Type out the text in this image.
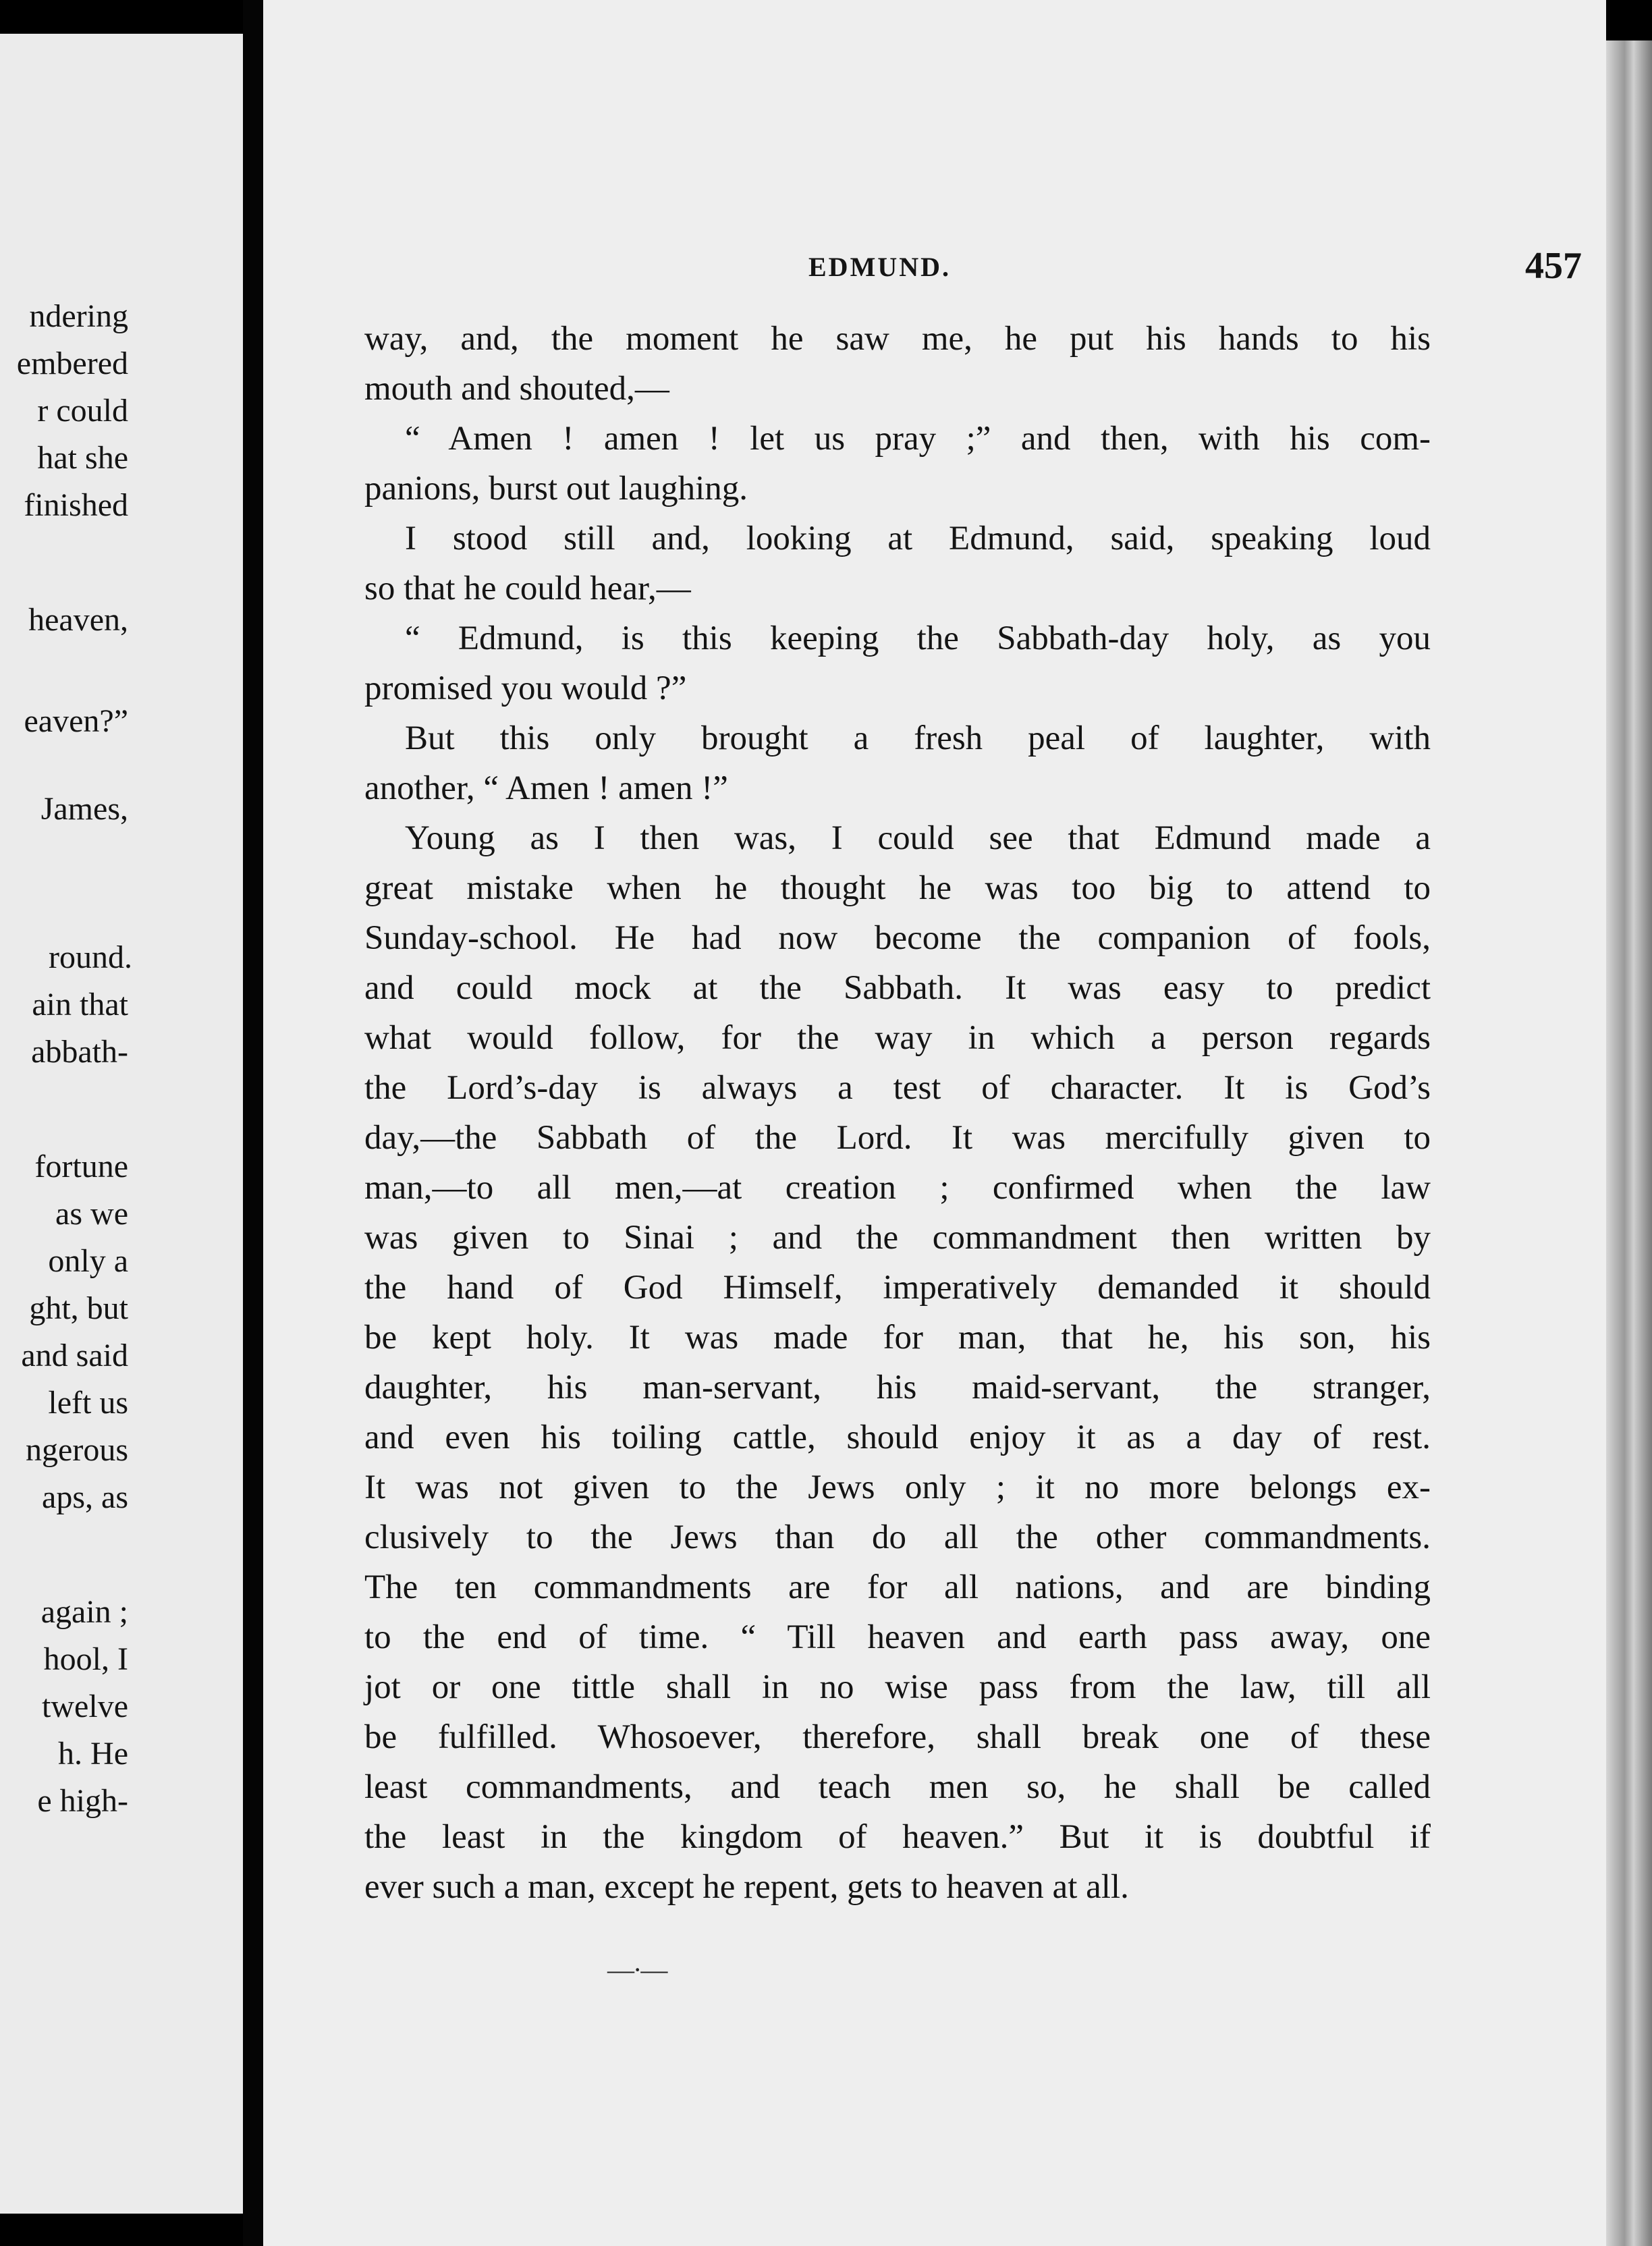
ndering
embered
r could
hat she
finished
heaven,
eaven?”
James,
round.
ain that
abbath-
fortune
as we
only a
ght, but
and said
left us
ngerous
aps, as
again ;
hool, I
twelve
h. He
e high-
EDMUND.	457
way, and, the moment he saw me, he put his hands to his
mouth and shouted,—
“ Amen ! amen ! let us pray ;” and then, with his com-
panions, burst out laughing.
I stood still and, looking at Edmund, said, speaking loud
so that he could hear,—
“ Edmund, is this keeping the Sabbath-day holy, as you
promised you would ?”
But this only brought a fresh peal of laughter, with
another, “ Amen ! amen !”
Young as I then was, I could see that Edmund made a
great mistake when he thought he was too big to attend to
Sunday-school. He had now become the companion of fools,
and could mock at the Sabbath. It was easy to predict
what would follow, for the way in which a person regards
the Lord’s-day is always a test of character. It is God’s
day,—the Sabbath of the Lord. It was mercifully given to
man,—to all men,—at creation ; confirmed when the law
was given to Sinai ; and the commandment then written by
the hand of God Himself, imperatively demanded it should
be kept holy. It was made for man, that he, his son, his
daughter, his man-servant, his maid-servant, the stranger,
and even his toiling cattle, should enjoy it as a day of rest.
It was not given to the Jews only ; it no more belongs ex-
clusively to the Jews than do all the other commandments.
The ten commandments are for all nations, and are binding
to the end of time. “ Till heaven and earth pass away, one
jot or one tittle shall in no wise pass from the law, till all
be fulfilled. Whosoever, therefore, shall break one of these
least commandments, and teach men so, he shall be called
the least in the kingdom of heaven.” But it is doubtful if
ever such a man, except he repent, gets to heaven at all.
—·—
